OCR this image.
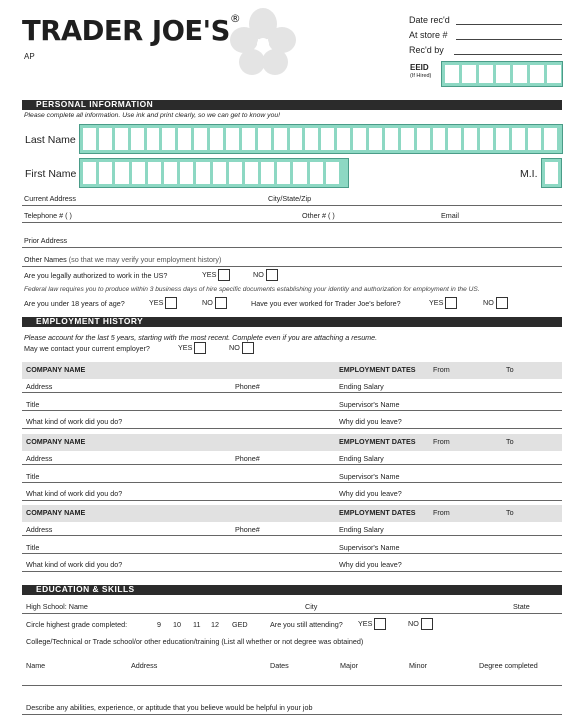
TRADER JOE'S®
AP
Date rec'd
At store #
Rec'd by
EEID
(If Hired)
PERSONAL INFORMATION
Please complete all information. Use ink and print clearly, so we can get to know you!
Last Name
First Name	M.I.
Current Address	City/State/Zip
Telephone # ( )	Other # ( )	Email
Prior Address
Other Names (so that we may verify your employment history)
Are you legally authorized to work in the US?	YES	NO
Federal law requires you to produce within 3 business days of hire specific documents establishing your identity and authorization for employment in the US.
Are you under 18 years of age?	YES	NO	Have you ever worked for Trader Joe's before?	YES	NO
EMPLOYMENT HISTORY
Please account for the last 5 years, starting with the most recent. Complete even if you are attaching a resume.
May we contact your current employer?	YES	NO
COMPANY NAME	EMPLOYMENT DATES From	To
Address	Phone#	Ending Salary
Title	Supervisor's Name
What kind of work did you do?	Why did you leave?
COMPANY NAME	EMPLOYMENT DATES From	To
Address	Phone#	Ending Salary
Title	Supervisor's Name
What kind of work did you do?	Why did you leave?
COMPANY NAME	EMPLOYMENT DATES From	To
Address	Phone#	Ending Salary
Title	Supervisor's Name
What kind of work did you do?	Why did you leave?
EDUCATION & SKILLS
High School: Name	City	State
Circle highest grade completed:	9 10 11 12 GED	Are you still attending? YES	NO
College/Technical or Trade school/or other education/training (List all whether or not degree was obtained)
Name	Address	Dates	Major	Minor	Degree completed
Describe any abilities, experience, or aptitude that you believe would be helpful in your job
